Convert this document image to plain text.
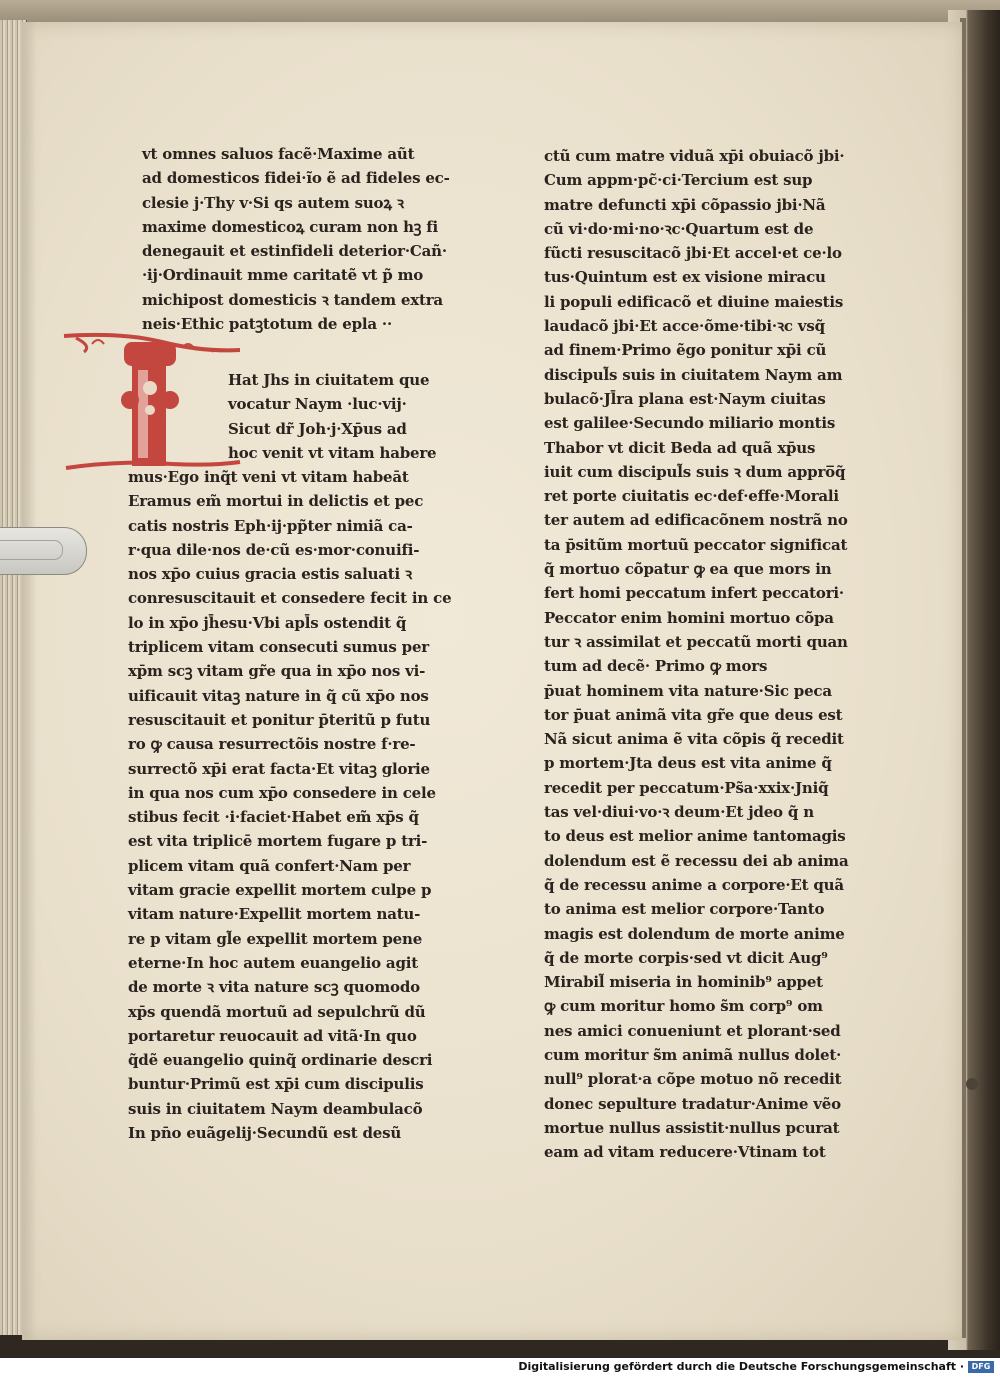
vt omnes saluos facẽ·Maxime aũt
ad domesticos fidei·ĩo ẽ ad fideles ec-
clesie j·Thy v·Si qs autem suoꝝ ꝛ
maxime domesticoꝝ curam non hꝫ fi
denegauit et estinfideli deterior·Cañ·
·ij·Ordinauit mme caritatẽ vt p̃ mo
michipost domesticis ꝛ tandem extra
neis·Ethic patꝫtotum de epla ··
Hat Jhs in ciuitatem que
vocatur Naym ·luc·vij·
Sicut dr̃ Joh·j·Xp̄us ad
hoc venit vt vitam habere
mus·Ego inq̃t veni vt vitam habeāt
Eramus em̃ mortui in delictis et pec
catis nostris Eph·ij·pp̃ter nimiã ca-
r·qua dile·nos de·cũ es·mor·conuifi-
nos xp̄o cuius gracia estis saluati ꝛ
conresuscitauit et consedere fecit in ce
lo in xp̄o jh̄esu·Vbi apl̄s ostendit q̃
triplicem vitam consecuti sumus per
xp̄m scꝫ vitam gr̃e qua in xp̄o nos vi-
uificauit vitaꝫ nature in q̃ cũ xp̄o nos
resuscitauit et ponitur p̄teritũ p futu
ro ꝙ causa resurrectõis nostre f·re-
surrectõ xp̄i erat facta·Et vitaꝫ glorie
in qua nos cum xp̄o consedere in cele
stibus fecit ·i·faciet·Habet em̃ xp̄s q̃
est vita triplicē mortem fugare p tri-
plicem vitam quã confert·Nam per
vitam gracie expellit mortem culpe p
vitam nature·Expellit mortem natu-
re p vitam gl̃e expellit mortem pene
eterne·In hoc autem euangelio agit
de morte ꝛ vita nature scꝫ quomodo
xp̄s quendã mortuũ ad sepulchrũ dũ
portaretur reuocauit ad vitã·In quo
q̃dẽ euangelio quinq̃ ordinarie descri
buntur·Primũ est xp̄i cum discipulis
suis in ciuitatem Naym deambulacõ
In pn̄o euãgelij·Secundũ est desũ
ctũ cum matre viduã xp̄i obuiacõ jbi·
Cum appm·pc̃·ci·Tercium est sup
matre defuncti xp̄i cõpassio jbi·Nã
cũ vi·do·mi·no·ꝛc·Quartum est de
fũcti resuscitacõ jbi·Et accel·et ce·lo
tus·Quintum est ex visione miracu
li populi edificacõ et diuine maiestis
laudacõ jbi·Et acce·õme·tibi·ꝛc vsq̃
ad finem·Primo ẽgo ponitur xp̄i cũ
discipul̃s suis in ciuitatem Naym am
bulacõ·Jl̄ra plana est·Naym ciuitas
est galilee·Secundo miliario montis
Thabor vt dicit Beda ad quã xp̄us
iuit cum discipul̃s suis ꝛ dum appro̅q̃
ret porte ciuitatis ec·def·effe·Morali
ter autem ad edificacõnem nostrã no
ta p̄sitũm mortuũ peccator significat
q̃ mortuo cõpatur ꝙ ea que mors in
fert homi peccatum infert peccatori·
Peccator enim homini mortuo cõpa
tur ꝛ assimilat et peccatũ morti quan
tum ad decẽ· Primo ꝙ mors
p̄uat hominem vita nature·Sic peca
tor p̄uat animã vita gr̃e que deus est
Nã sicut anima ẽ vita cõpis q̃ recedit
p mortem·Jta deus est vita anime q̃
recedit per peccatum·Ps̃a·xxix·Jniq̃
tas vel·diui·vo·ꝛ deum·Et jdeo q̃ n
to deus est melior anime tantomagis
dolendum est ẽ recessu dei ab anima
q̃ de recessu anime a corpore·Et quã
to anima est melior corpore·Tanto
magis est dolendum de morte anime
q̃ de morte corpis·sed vt dicit Aug⁹
Mirabil̃ miseria in hominib⁹ appet
ꝙ cum moritur homo s̃m corp⁹ om
nes amici conueniunt et plorant·sed
cum moritur s̃m animã nullus dolet·
null⁹ plorat·a cõpe motuo nõ recedit
donec sepulture tradatur·Anime vẽo
mortue nullus assistit·nullus pcurat
eam ad vitam reducere·Vtinam tot
Digitalisierung gefördert durch die Deutsche Forschungsgemeinschaft · DFG
